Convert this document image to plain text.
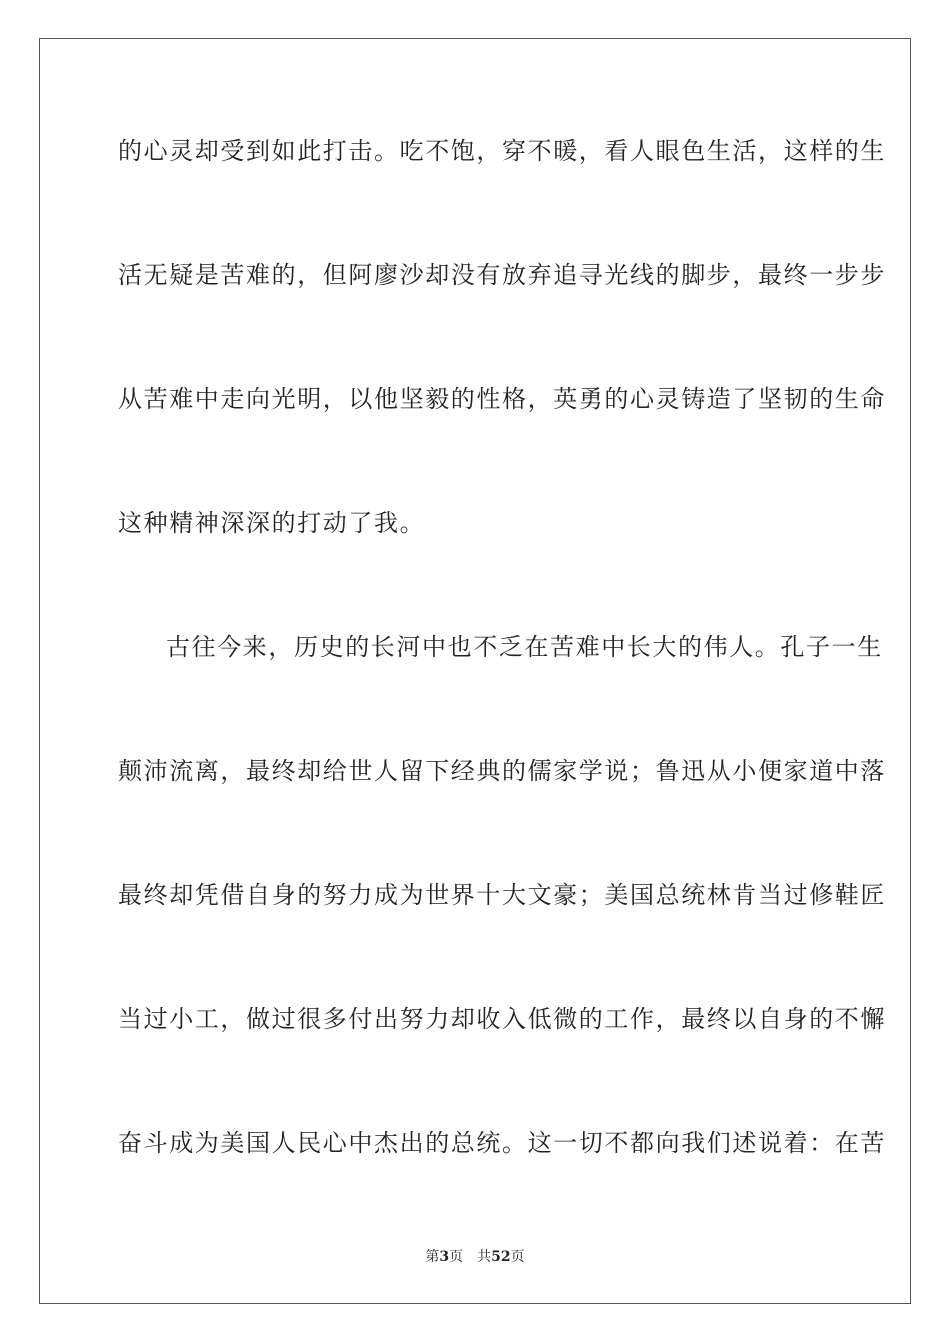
的心灵却受到如此打击。吃不饱，穿不暖，看人眼色生活，这样的生
活无疑是苦难的，但阿廖沙却没有放弃追寻光线的脚步，最终一步步
从苦难中走向光明，以他坚毅的性格，英勇的心灵铸造了坚韧的生命
这种精神深深的打动了我。
古往今来，历史的长河中也不乏在苦难中长大的伟人。孔子一生
颠沛流离，最终却给世人留下经典的儒家学说；鲁迅从小便家道中落
最终却凭借自身的努力成为世界十大文豪；美国总统林肯当过修鞋匠
当过小工，做过很多付出努力却收入低微的工作，最终以自身的不懈
奋斗成为美国人民心中杰出的总统。这一切不都向我们述说着：在苦
第3页 共52页
